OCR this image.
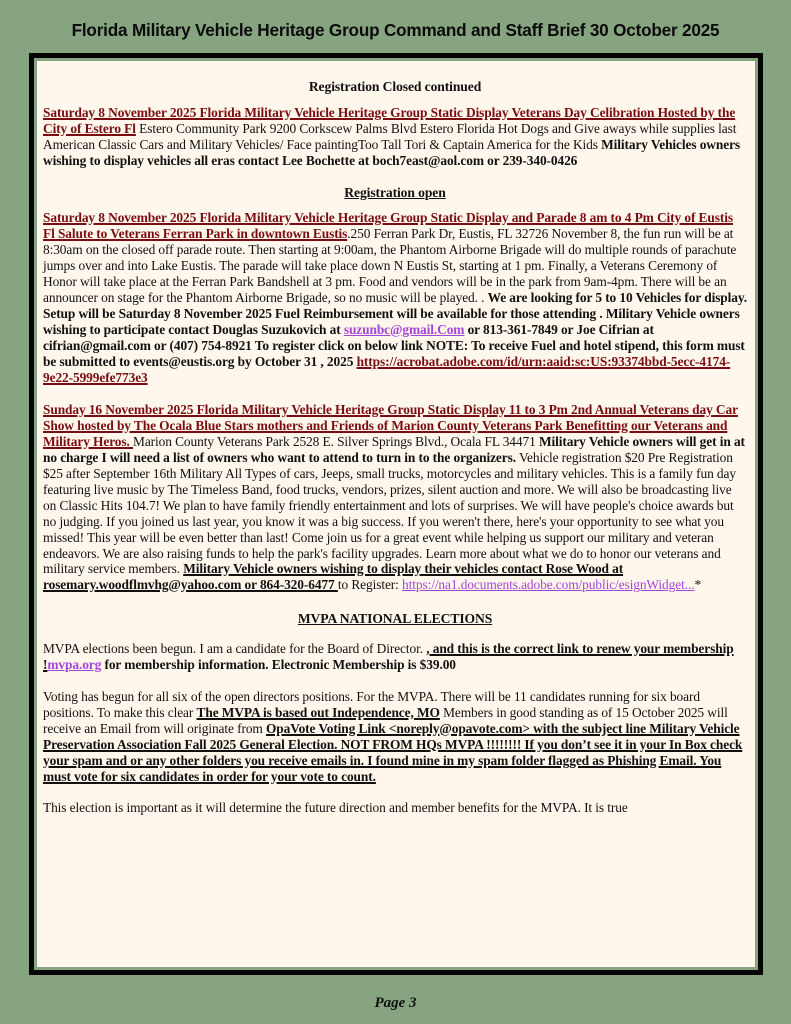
Florida Military Vehicle Heritage Group Command and Staff Brief 30 October 2025
Registration Closed continued

Saturday 8 November 2025 Florida Military Vehicle Heritage Group Static Display Veterans Day Celibration Hosted by the City of Estero Fl Estero Community Park 9200 Corkscew Palms Blvd Estero Florida Hot Dogs and Give aways while supplies last American Classic Cars and Military Vehicles/ Face paintingToo Tall Tori & Captain America for the Kids Military Vehicles owners wishing to display vehicles all eras contact Lee Bochette at boch7east@aol.com or 239-340-0426

Registration open

Saturday 8 November 2025 Florida Military Vehicle Heritage Group Static Display and Parade 8 am to 4 Pm City of Eustis Fl Salute to Veterans Ferran Park in downtown Eustis.250 Ferran Park Dr, Eustis, FL 32726 November 8, the fun run will be at 8:30am on the closed off parade route. Then starting at 9:00am, the Phantom Airborne Brigade will do multiple rounds of parachute jumps over and into Lake Eustis. The parade will take place down N Eustis St, starting at 1 pm. Finally, a Veterans Ceremony of Honor will take place at the Ferran Park Bandshell at 3 pm. Food and vendors will be in the park from 9am-4pm. There will be an announcer on stage for the Phantom Airborne Brigade, so no music will be played. . We are looking for 5 to 10 Vehicles for display. Setup will be Saturday 8 November 2025 Fuel Reimbursement will be available for those attending . Military Vehicle owners wishing to participate contact Douglas Suzukovich at suzunbc@gmail.Com or 813-361-7849 or Joe Cifrian at cifrian@gmail.com or (407) 754-8921 To register click on below link NOTE: To receive Fuel and hotel stipend, this form must be submitted to events@eustis.org by October 31 , 2025 https://acrobat.adobe.com/id/urn:aaid:sc:US:93374bbd-5ecc-4174-9e22-5999efe773e3

Sunday 16 November 2025 Florida Military Vehicle Heritage Group Static Display 11 to 3 Pm 2nd Annual Veterans day Car Show hosted by The Ocala Blue Stars mothers and Friends of Marion County Veterans Park Benefitting our Veterans and Military Heros. Marion County Veterans Park 2528 E. Silver Springs Blvd., Ocala FL 34471 Military Vehicle owners will get in at no charge I will need a list of owners who want to attend to turn in to the organizers. Vehicle registration $20 Pre Registration $25 after September 16th Military All Types of cars, Jeeps, small trucks, motorcycles and military vehicles. This is a family fun day featuring live music by The Timeless Band, food trucks, vendors, prizes, silent auction and more. We will also be broadcasting live on Classic Hits 104.7! We plan to have family friendly entertainment and lots of surprises. We will have people's choice awards but no judging. If you joined us last year, you know it was a big success. If you weren't there, here's your opportunity to see what you missed! This year will be even better than last! Come join us for a great event while helping us support our military and veteran endeavors. We are also raising funds to help the park's facility upgrades. Learn more about what we do to honor our veterans and military service members. Military Vehicle owners wishing to display their vehicles contact Rose Wood at rosemary.woodflmvhg@yahoo.com or 864-320-6477 to Register: https://na1.documents.adobe.com/public/esignWidget...*

MVPA NATIONAL ELECTIONS

MVPA elections been begun. I am a candidate for the Board of Director. , and this is the correct link to renew your membership !mvpa.org for membership information. Electronic Membership is $39.00

Voting has begun for all six of the open directors positions. For the MVPA. There will be 11 candidates running for six board positions. To make this clear The MVPA is based out Independence, MO Members in good standing as of 15 October 2025 will receive an Email from will originate from OpaVote Voting Link <noreply@opavote.com> with the subject line Military Vehicle Preservation Association Fall 2025 General Election. NOT FROM HQs MVPA !!!!!!!! If you don’t see it in your In Box check your spam and or any other folders you receive emails in. I found mine in my spam folder flagged as Phishing Email. You must vote for six candidates in order for your vote to count.

This election is important as it will determine the future direction and member benefits for the MVPA. It is true

Page 3
